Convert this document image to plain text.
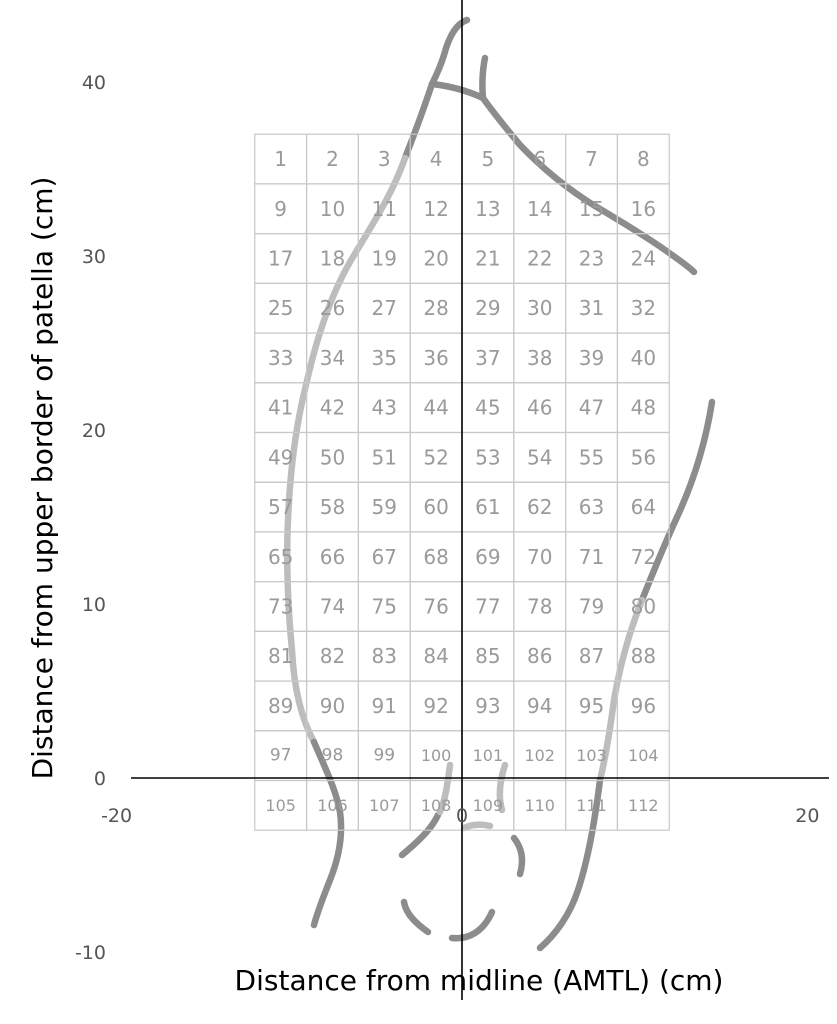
1 2 3 4 5 6 7 8
9 10 11 12 13 14 15 16
17 18 19 20 21 22 23 24
25 26 27 28 29 30 31 32
33 34 35 36 37 38 39 40
41 42 43 44 45 46 47 48
49 50 51 52 53 54 55 56
57 58 59 60 61 62 63 64
65 66 67 68 69 70 71 72
73 74 75 76 77 78 79 80
81 82 83 84 85 86 87 88
89 90 91 92 93 94 95 96
97 98 99 100 101 102 103 104
105 106 107 108 109 110 111 112
-20	0	20
40
30
20
10
0
-10
Distance from midline (AMTL) (cm)
Distance from upper border of patella (cm)
